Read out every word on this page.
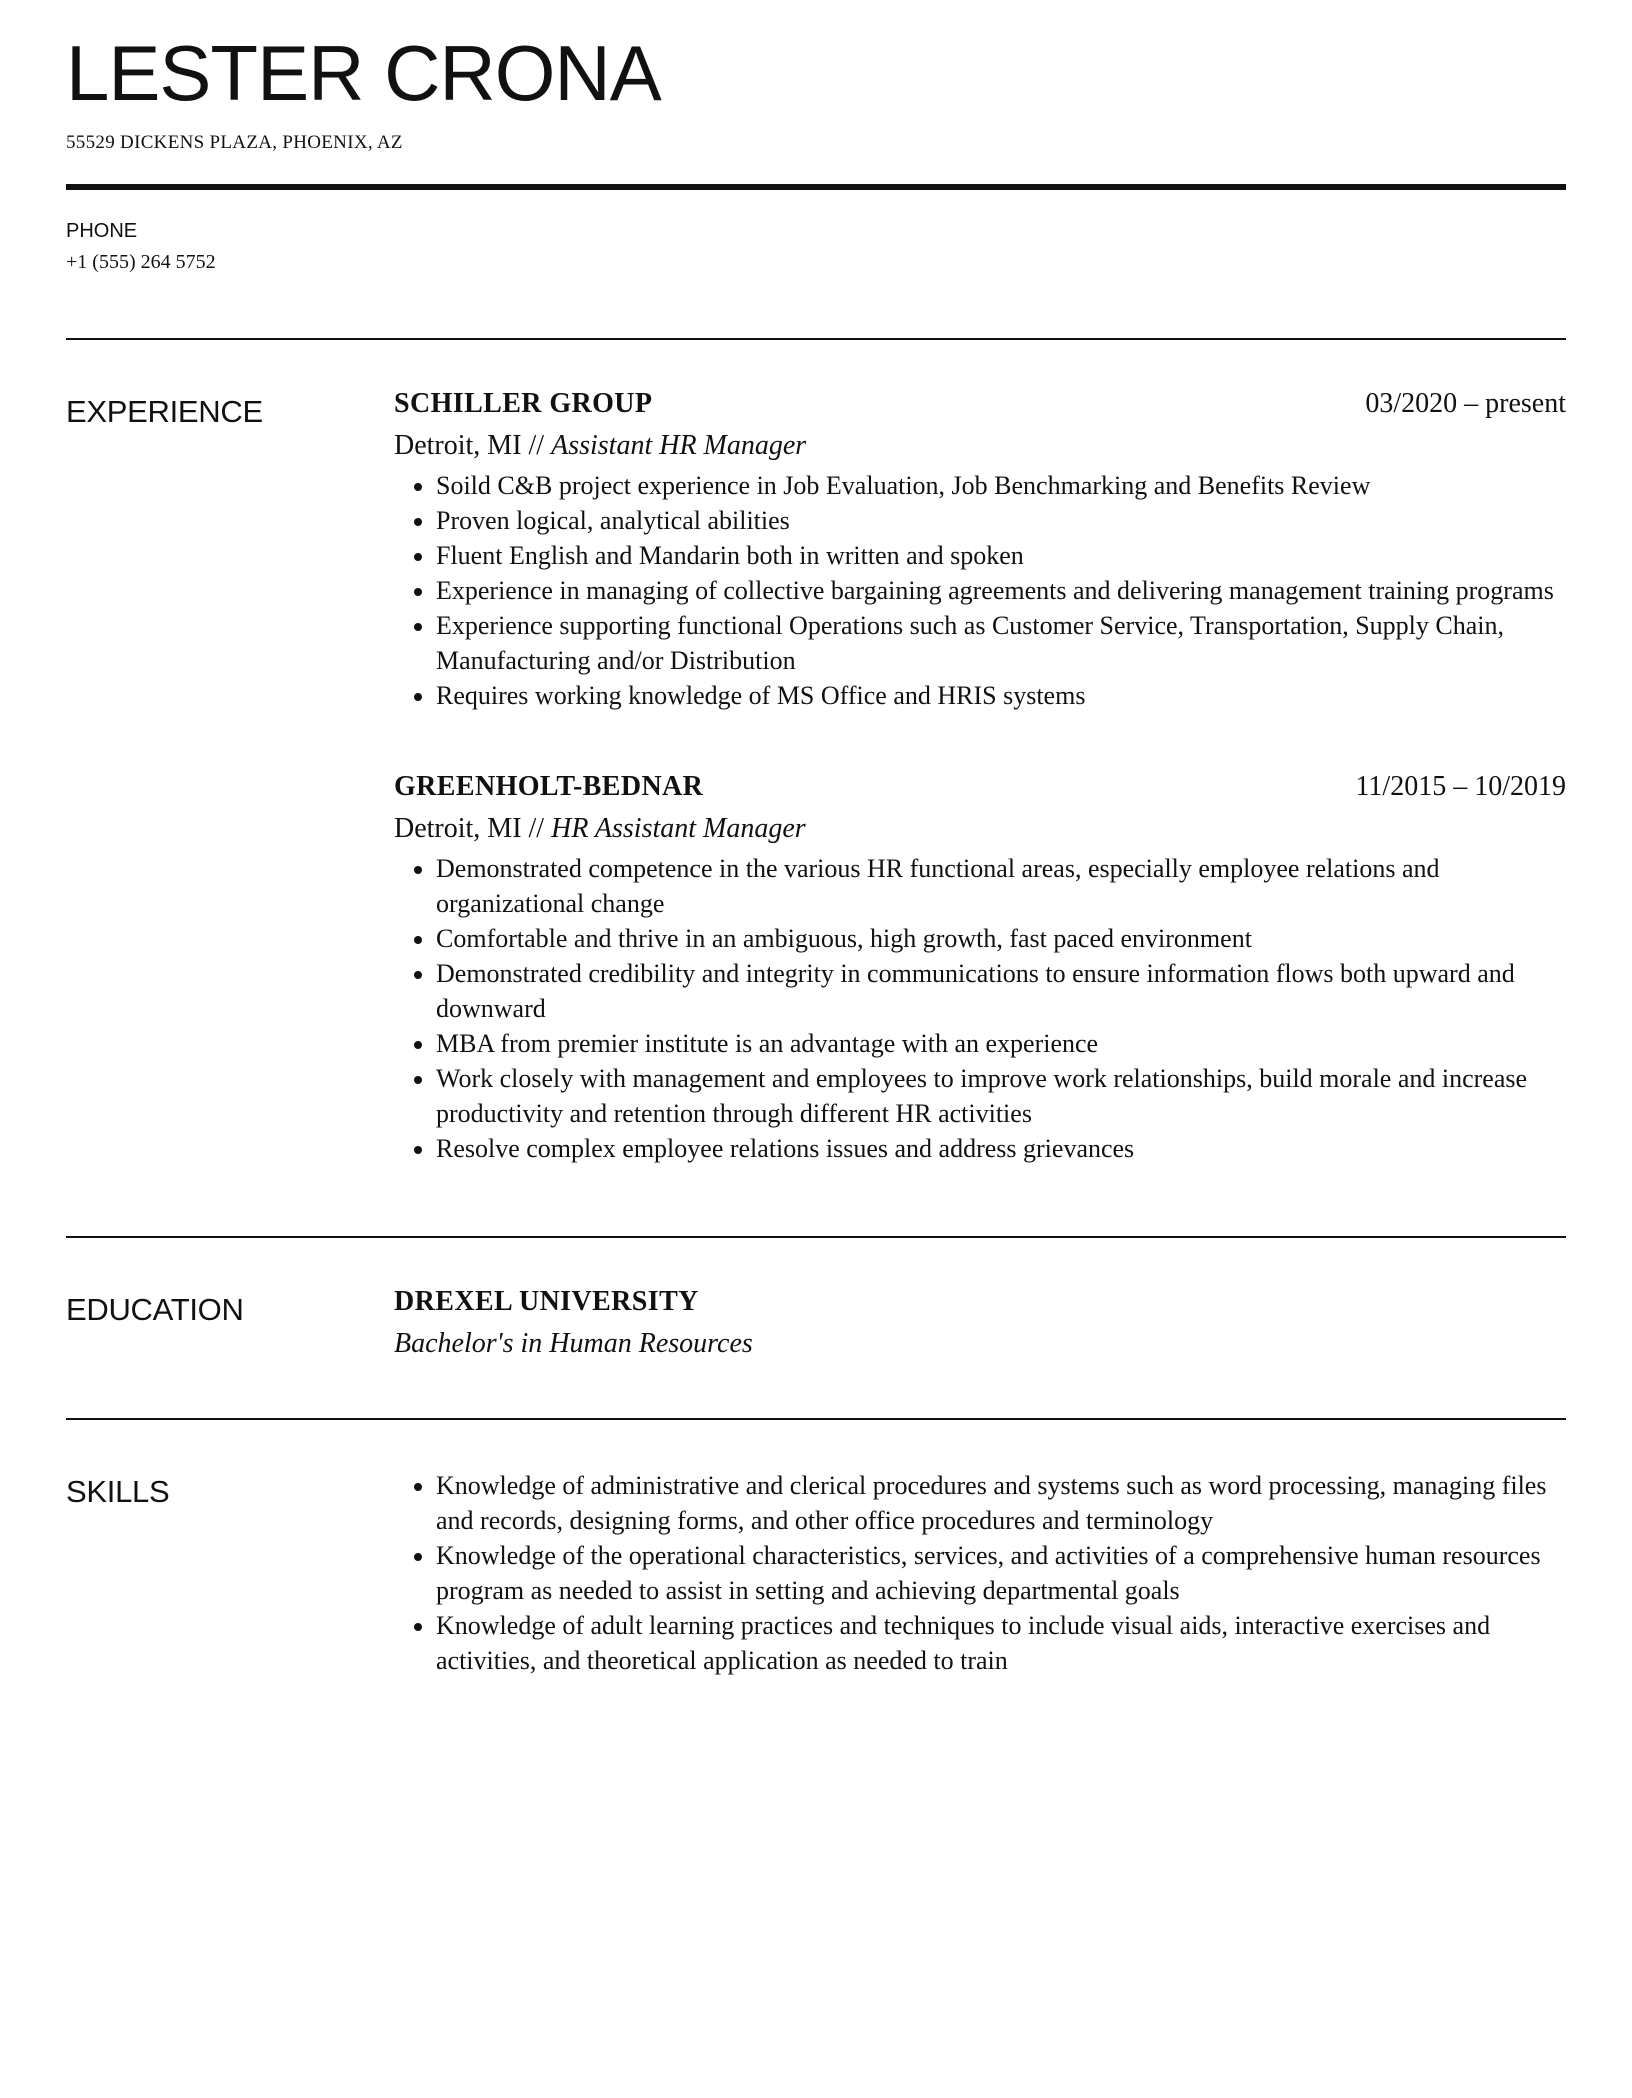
LESTER CRONA
55529 DICKENS PLAZA, PHOENIX, AZ
PHONE
+1 (555) 264 5752
EXPERIENCE	SCHILLER GROUP	03/2020 – present
Detroit, MI // Assistant HR Manager
• Soild C&B project experience in Job Evaluation, Job Benchmarking and Benefits Review
• Proven logical, analytical abilities
• Fluent English and Mandarin both in written and spoken
• Experience in managing of collective bargaining agreements and delivering management training programs
• Experience supporting functional Operations such as Customer Service, Transportation, Supply Chain, Manufacturing and/or Distribution
• Requires working knowledge of MS Office and HRIS systems
GREENHOLT-BEDNAR	11/2015 – 10/2019
Detroit, MI // HR Assistant Manager
• Demonstrated competence in the various HR functional areas, especially employee relations and organizational change
• Comfortable and thrive in an ambiguous, high growth, fast paced environment
• Demonstrated credibility and integrity in communications to ensure information flows both upward and downward
• MBA from premier institute is an advantage with an experience
• Work closely with management and employees to improve work relationships, build morale and increase productivity and retention through different HR activities
• Resolve complex employee relations issues and address grievances
EDUCATION	DREXEL UNIVERSITY
Bachelor's in Human Resources
SKILLS
•	Knowledge of administrative and clerical procedures and systems such as word processing, managing files and records, designing forms, and other office procedures and terminology
• Knowledge of the operational characteristics, services, and activities of a comprehensive human resources program as needed to assist in setting and achieving departmental goals
• Knowledge of adult learning practices and techniques to include visual aids, interactive exercises and activities, and theoretical application as needed to train
